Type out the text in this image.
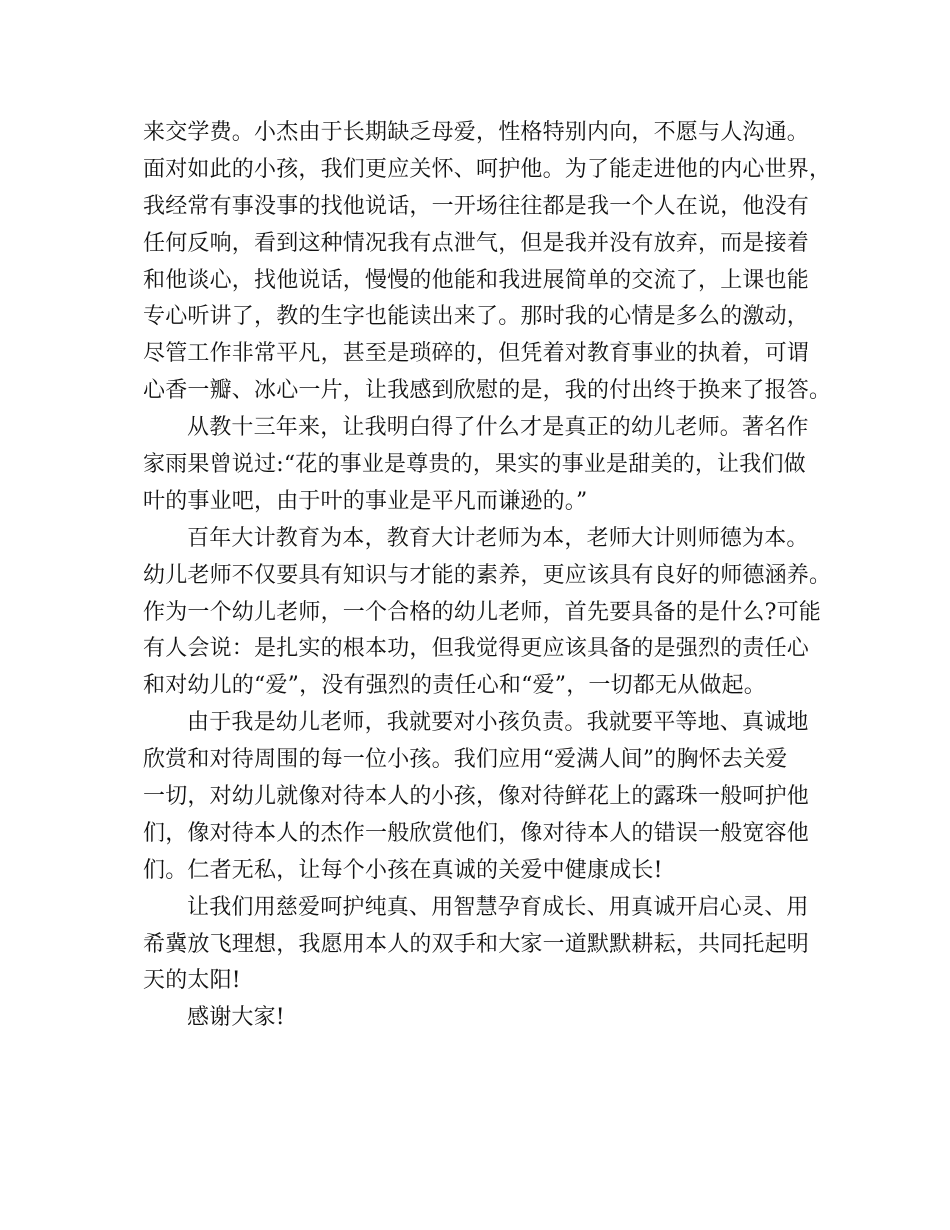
来交学费。小杰由于长期缺乏母爱，性格特别内向，不愿与人沟通。
面对如此的小孩，我们更应关怀、呵护他。为了能走进他的内心世界，
我经常有事没事的找他说话，一开场往往都是我一个人在说，他没有
任何反响，看到这种情况我有点泄气，但是我并没有放弃，而是接着
和他谈心，找他说话，慢慢的他能和我进展简单的交流了，上课也能
专心听讲了，教的生字也能读出来了。那时我的心情是多么的激动，
尽管工作非常平凡，甚至是琐碎的，但凭着对教育事业的执着，可谓
心香一瓣、冰心一片，让我感到欣慰的是，我的付出终于换来了报答。
从教十三年来，让我明白得了什么才是真正的幼儿老师。著名作
家雨果曾说过:“花的事业是尊贵的，果实的事业是甜美的，让我们做
叶的事业吧，由于叶的事业是平凡而谦逊的。”
百年大计教育为本，教育大计老师为本，老师大计则师德为本。
幼儿老师不仅要具有知识与才能的素养，更应该具有良好的师德涵养。
作为一个幼儿老师，一个合格的幼儿老师，首先要具备的是什么?可能
有人会说：是扎实的根本功，但我觉得更应该具备的是强烈的责任心
和对幼儿的“爱”，没有强烈的责任心和“爱”，一切都无从做起。
由于我是幼儿老师，我就要对小孩负责。我就要平等地、真诚地
欣赏和对待周围的每一位小孩。我们应用“爱满人间”的胸怀去关爱
一切，对幼儿就像对待本人的小孩，像对待鲜花上的露珠一般呵护他
们，像对待本人的杰作一般欣赏他们，像对待本人的错误一般宽容他
们。仁者无私，让每个小孩在真诚的关爱中健康成长!
让我们用慈爱呵护纯真、用智慧孕育成长、用真诚开启心灵、用
希冀放飞理想，我愿用本人的双手和大家一道默默耕耘，共同托起明
天的太阳!
感谢大家!
